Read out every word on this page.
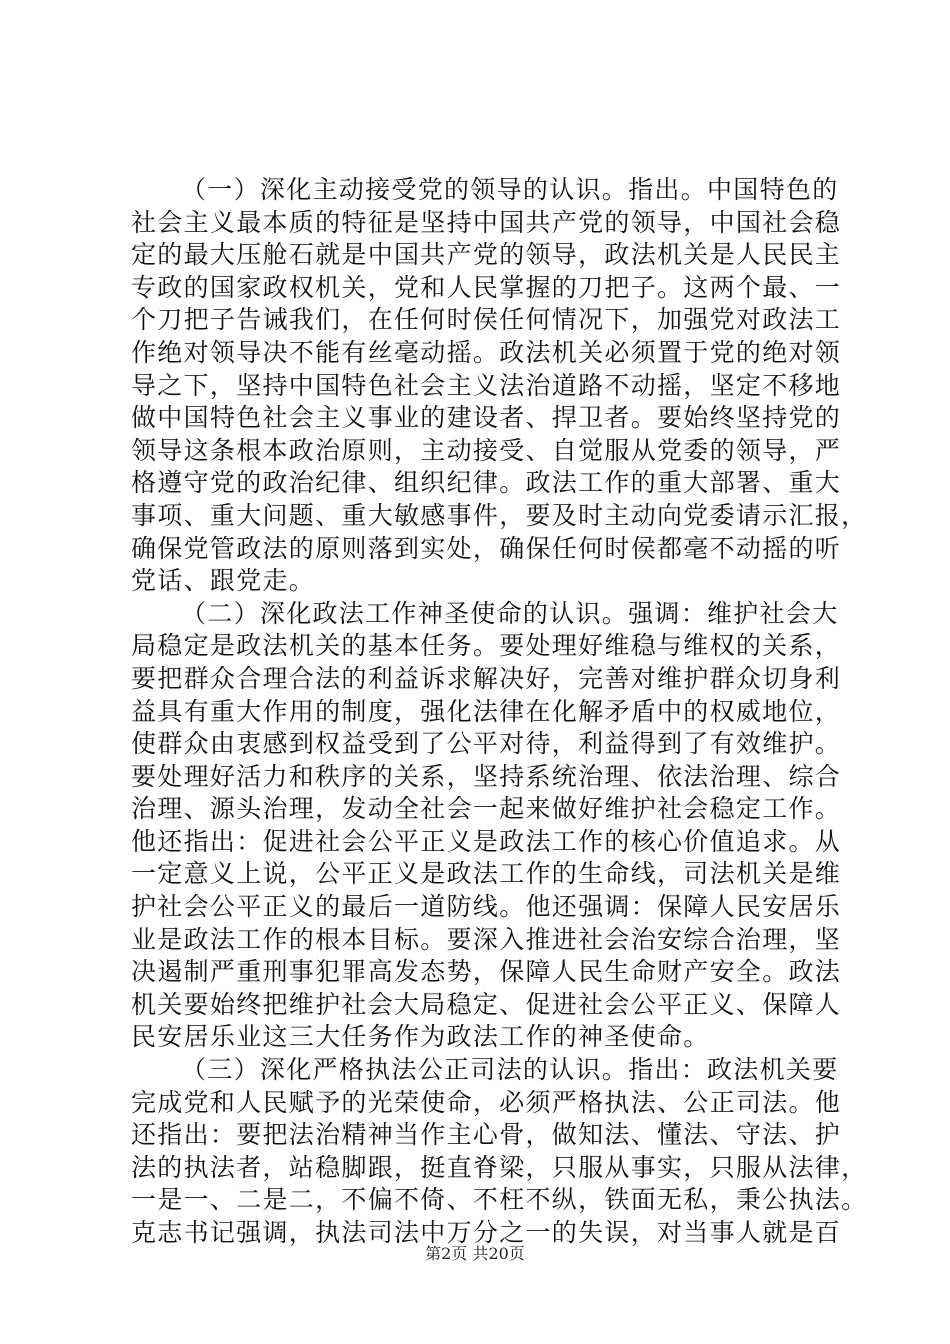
（一）深化主动接受党的领导的认识。指出。中国特色的
社会主义最本质的特征是坚持中国共产党的领导，中国社会稳
定的最大压舱石就是中国共产党的领导，政法机关是人民民主
专政的国家政权机关，党和人民掌握的刀把子。这两个最、一
个刀把子告诫我们，在任何时侯任何情况下，加强党对政法工
作绝对领导决不能有丝毫动摇。政法机关必须置于党的绝对领
导之下，坚持中国特色社会主义法治道路不动摇，坚定不移地
做中国特色社会主义事业的建设者、捍卫者。要始终坚持党的
领导这条根本政治原则，主动接受、自觉服从党委的领导，严
格遵守党的政治纪律、组织纪律。政法工作的重大部署、重大
事项、重大问题、重大敏感事件，要及时主动向党委请示汇报，
确保党管政法的原则落到实处，确保任何时侯都毫不动摇的听
党话、跟党走。
（二）深化政法工作神圣使命的认识。强调：维护社会大
局稳定是政法机关的基本任务。要处理好维稳与维权的关系，
要把群众合理合法的利益诉求解决好，完善对维护群众切身利
益具有重大作用的制度，强化法律在化解矛盾中的权威地位，
使群众由衷感到权益受到了公平对待，利益得到了有效维护。
要处理好活力和秩序的关系，坚持系统治理、依法治理、综合
治理、源头治理，发动全社会一起来做好维护社会稳定工作。
他还指出：促进社会公平正义是政法工作的核心价值追求。从
一定意义上说，公平正义是政法工作的生命线，司法机关是维
护社会公平正义的最后一道防线。他还强调：保障人民安居乐
业是政法工作的根本目标。要深入推进社会治安综合治理，坚
决遏制严重刑事犯罪高发态势，保障人民生命财产安全。政法
机关要始终把维护社会大局稳定、促进社会公平正义、保障人
民安居乐业这三大任务作为政法工作的神圣使命。
（三）深化严格执法公正司法的认识。指出：政法机关要
完成党和人民赋予的光荣使命，必须严格执法、公正司法。他
还指出：要把法治精神当作主心骨，做知法、懂法、守法、护
法的执法者，站稳脚跟，挺直脊梁，只服从事实，只服从法律，
一是一、二是二，不偏不倚、不枉不纵，铁面无私，秉公执法。
克志书记强调，执法司法中万分之一的失误，对当事人就是百
第2页 共20页
